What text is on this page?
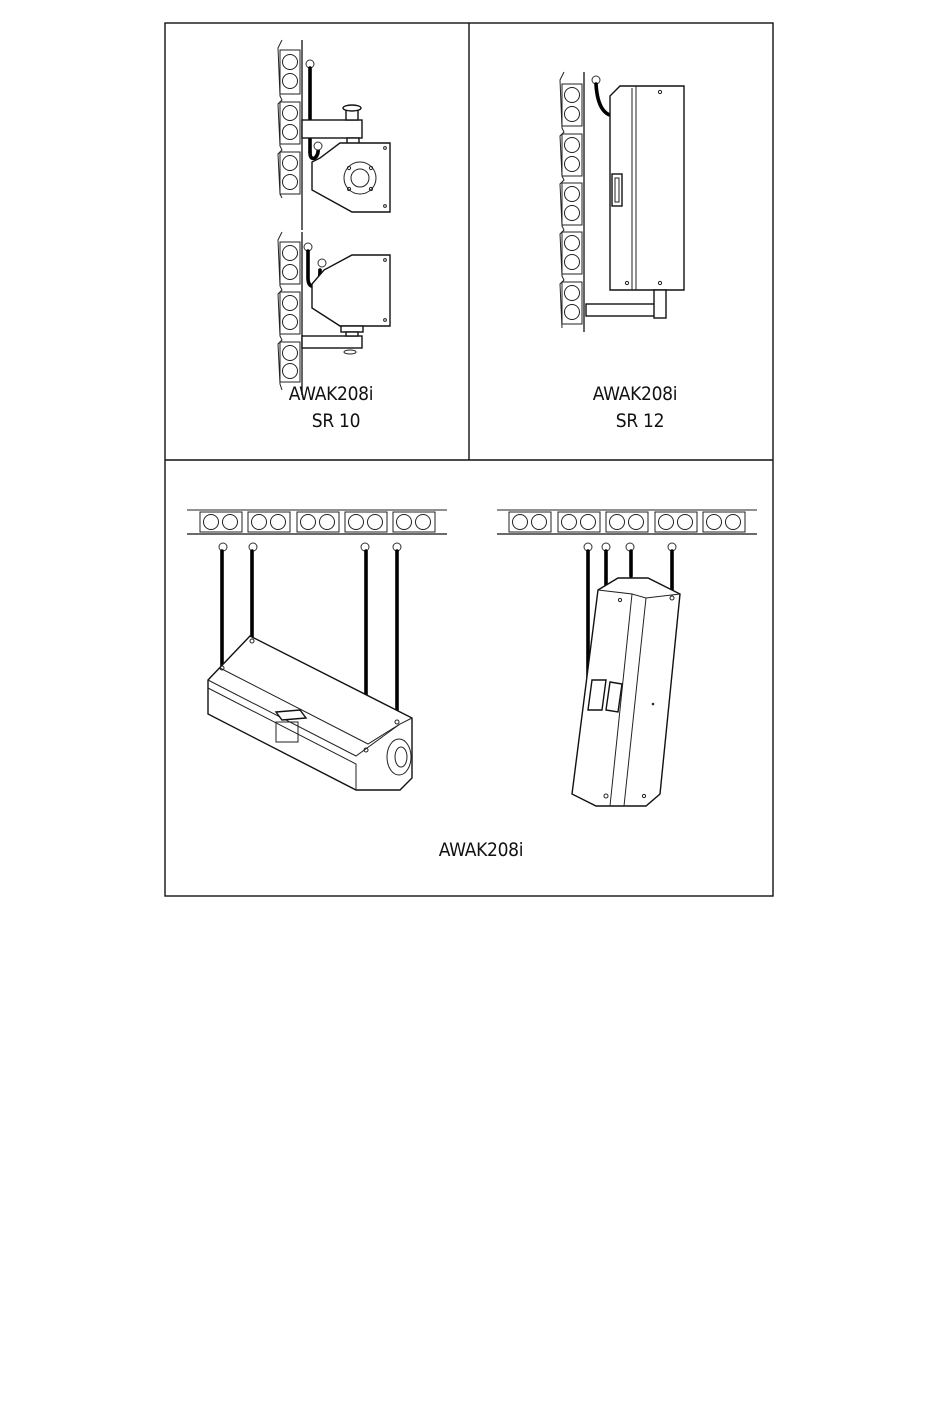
AWAK208i
SR 10
AWAK208i
SR 12
AWAK208i
